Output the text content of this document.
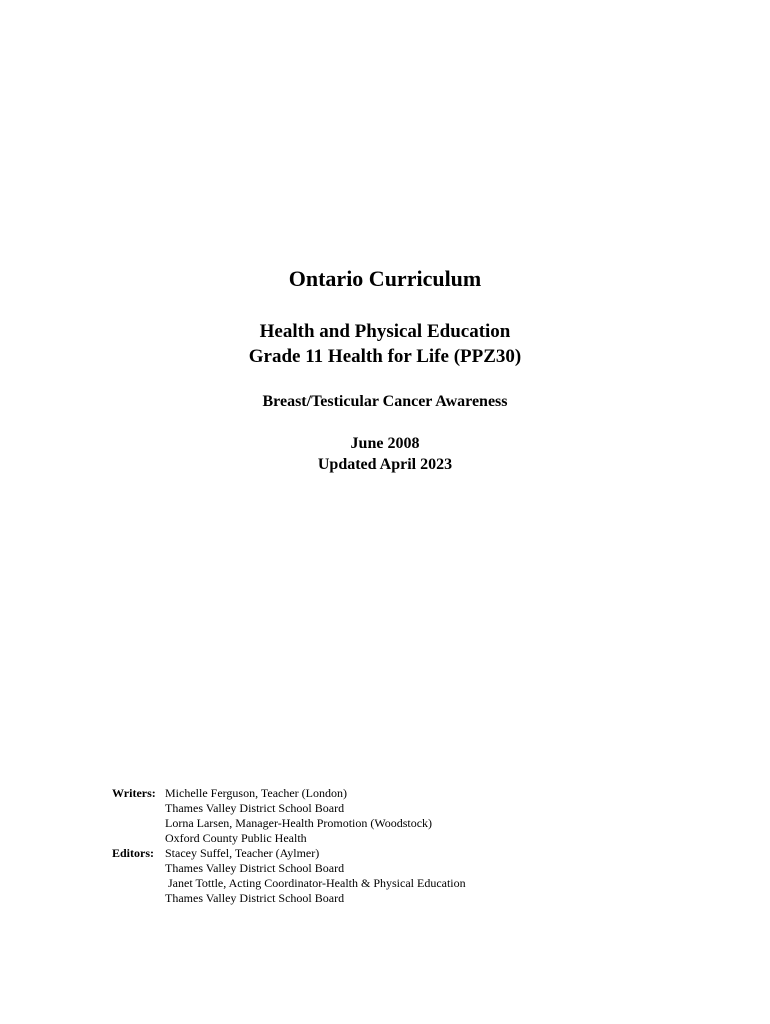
Ontario Curriculum
Health and Physical Education
Grade 11 Health for Life (PPZ30)
Breast/Testicular Cancer Awareness
June 2008
Updated April 2023
Writers: Michelle Ferguson, Teacher (London)
Thames Valley District School Board
Lorna Larsen, Manager-Health Promotion (Woodstock)
Oxford County Public Health
Editors: Stacey Suffel, Teacher (Aylmer)
Thames Valley District School Board
Janet Tottle, Acting Coordinator-Health & Physical Education
Thames Valley District School Board
